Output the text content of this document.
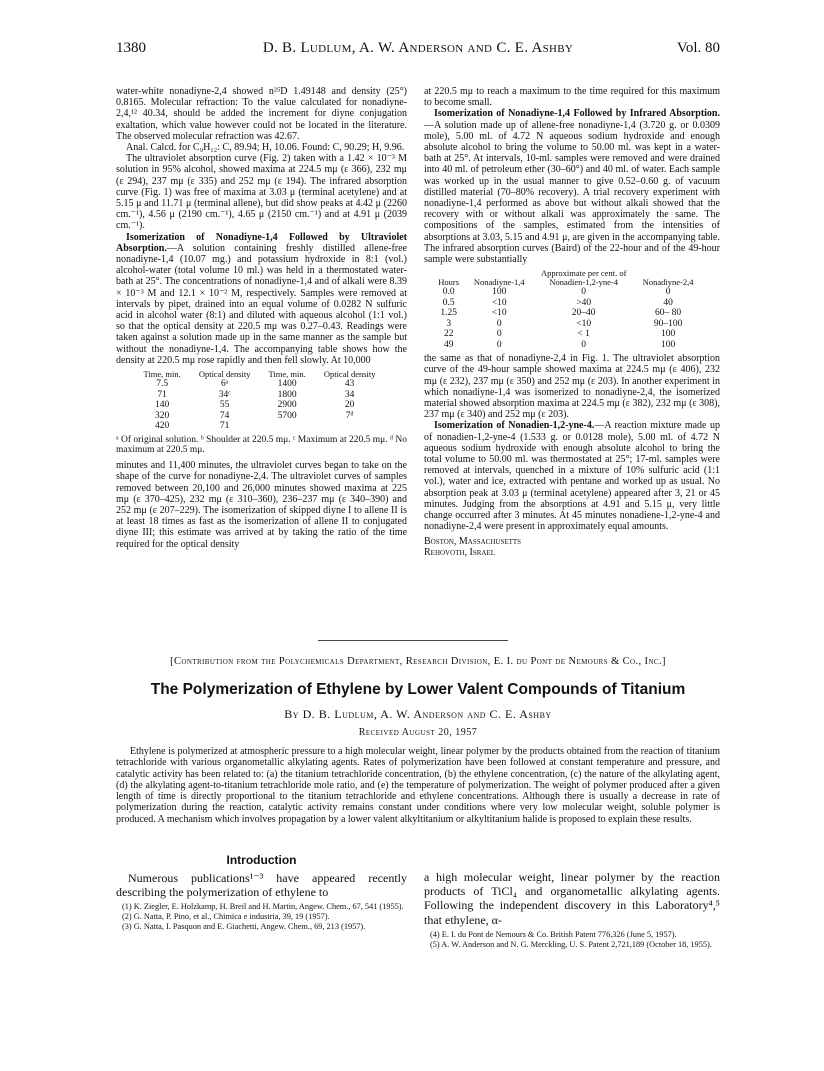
1380	D. B. Ludlum, A. W. Anderson and C. E. Ashby	Vol. 80

water-white nonadiyne-2,4 showed n²⁵D 1.49148 and density (25°) 0.8165. Molecular refraction: To the value calculated for nonadiyne-2,4,¹² 40.34, should be added the increment for diyne conjugation exaltation, which value however could not be located in the literature. The observed molecular refraction was 42.67.

Anal. Calcd. for C₉H₁₂: C, 89.94; H, 10.06. Found: C, 90.29; H, 9.96.

The ultraviolet absorption curve (Fig. 2) taken with a 1.42 × 10⁻³ M solution in 95% alcohol, showed maxima at 224.5 mμ (ε 366), 232 mμ (ε 294), 237 mμ (ε 335) and 252 mμ (ε 194). The infrared absorption curve (Fig. 1) was free of maxima at 3.03 μ (terminal acetylene) and at 5.15 μ and 11.71 μ (terminal allene), but did show peaks at 4.42 μ (2260 cm.⁻¹), 4.56 μ (2190 cm.⁻¹), 4.65 μ (2150 cm.⁻¹) and at 4.91 μ (2039 cm.⁻¹).

Isomerization of Nonadiyne-1,4 Followed by Ultraviolet Absorption.—A solution containing freshly distilled allene-free nonadiyne-1,4 (10.07 mg.) and potassium hydroxide in 8:1 (vol.) alcohol-water (total volume 10 ml.) was held in a thermostated water-bath at 25°. The concentrations of nonadiyne-1,4 and of alkali were 8.39 × 10⁻³ M and 12.1 × 10⁻² M, respectively. Samples were removed at intervals by pipet, drained into an equal volume of 0.0282 N sulfuric acid in alcohol water (8:1) and diluted with aqueous alcohol (1:1 vol.) so that the optical density at 220.5 mμ was 0.27–0.43. Readings were taken against a solution made up in the same manner as the sample but without the nonadiyne-1,4. The accompanying table shows how the density at 220.5 mμ rose rapidly and then fell slowly. At 10,000

Time, min.	Optical density	Time, min.	Optical density
7.5	6ᵃ	1400	43
71	34ᶜ	1800	34
140	55	2900	20
320	74	5700	7ᵈ
420	71		
ᵃ Of original solution. ᵇ Shoulder at 220.5 mμ. ᶜ Maximum at 220.5 mμ. ᵈ No maximum at 220.5 mμ.

minutes and 11,400 minutes, the ultraviolet curves began to take on the shape of the curve for nonadiyne-2,4. The ultraviolet curves of samples removed between 20,100 and 26,000 minutes showed maxima at 225 mμ (ε 370–425), 232 mμ (ε 310–360), 236–237 mμ (ε 340–390) and 252 mμ (ε 207–229). The isomerization of skipped diyne I to allene II is at least 18 times as fast as the isomerization of allene II to conjugated diyne III; this estimate was arrived at by taking the ratio of the time required for the optical density

at 220.5 mμ to reach a maximum to the time required for this maximum to become small.

Isomerization of Nonadiyne-1,4 Followed by Infrared Absorption.—A solution made up of allene-free nonadiyne-1,4 (3.720 g. or 0.0309 mole), 5.00 ml. of 4.72 N aqueous sodium hydroxide and enough absolute alcohol to bring the volume to 50.00 ml. was kept in a water-bath at 25°. At intervals, 10-ml. samples were removed and were drained into 40 ml. of petroleum ether (30–60°) and 40 ml. of water. Each sample was worked up in the usual manner to give 0.52–0.60 g. of vacuum distilled material (70–80% recovery). A trial recovery experiment with nonadiyne-1,4 performed as above but without alkali showed that the recovery with or without alkali was approximately the same. The compositions of the samples, estimated from the intensities of absorptions at 3.03, 5.15 and 4.91 μ, are given in the accompanying table. The infrared absorption curves (Baird) of the 22-hour and of the 49-hour sample were substantially

	Approximate per cent. of		
Hours	Nonadiyne-1,4	Nonadien-1,2-yne-4	Nonadiyne-2,4
0.0	100	0	0
0.5	<10	>40	40
1.25	<10	20–40	60– 80
3	0	<10	90–100
22	0	< 1	100
49	0	0	100

the same as that of nonadiyne-2,4 in Fig. 1. The ultraviolet absorption curve of the 49-hour sample showed maxima at 224.5 mμ (ε 406), 232 mμ (ε 232), 237 mμ (ε 350) and 252 mμ (ε 203). In another experiment in which nonadiyne-1,4 was isomerized to nonadiyne-2,4, the isomerized material showed absorption maxima at 224.5 mμ (ε 382), 232 mμ (ε 308), 237 mμ (ε 340) and 252 mμ (ε 203).

Isomerization of Nonadien-1,2-yne-4.—A reaction mixture made up of nonadien-1,2-yne-4 (1.533 g. or 0.0128 mole), 5.00 ml. of 4.72 N aqueous sodium hydroxide with enough absolute alcohol to bring the total volume to 50.00 ml. was thermostated at 25°; 17-ml. samples were removed at intervals, quenched in a mixture of 10% sulfuric acid (1:1 vol.), water and ice, extracted with pentane and worked up as usual. No absorption peak at 3.03 μ (terminal acetylene) appeared after 3, 21 or 45 minutes. Judging from the absorptions at 4.91 and 5.15 μ, very little change occurred after 3 minutes. At 45 minutes nonadiene-1,2-yne-4 and nonadiyne-2,4 were present in approximately equal amounts.

Boston, Massachusetts
Rehovoth, Israel
[Contribution from the Polychemicals Department, Research Division, E. I. du Pont de Nemours & Co., Inc.]
The Polymerization of Ethylene by Lower Valent Compounds of Titanium
By D. B. Ludlum, A. W. Anderson and C. E. Ashby
Received August 20, 1957
Ethylene is polymerized at atmospheric pressure to a high molecular weight, linear polymer by the products obtained from the reaction of titanium tetrachloride with various organometallic alkylating agents. Rates of polymerization have been followed at constant temperature and pressure, and catalytic activity has been related to: (a) the titanium tetrachloride concentration, (b) the ethylene concentration, (c) the nature of the alkylating agent, (d) the alkylating agent-to-titanium tetrachloride mole ratio, and (e) the temperature of polymerization. The weight of polymer produced after a given length of time is directly proportional to the titanium tetrachloride and ethylene concentrations. Although there is usually a decrease in rate of polymerization during the reaction, catalytic activity remains constant under conditions where very low molecular weight, soluble polymer is produced. A mechanism which involves propagation by a lower valent alkyltitanium or alkyltitanium halide is proposed to explain these results.
Introduction

Numerous publications¹⁻³ have appeared recently describing the polymerization of ethylene to

(1) K. Ziegler, E. Holzkamp, H. Breil and H. Martin, Angew. Chem., 67, 541 (1955).
(2) G. Natta, P. Pino, et al., Chimica e industria, 39, 19 (1957).
(3) G. Natta, I. Pasquon and E. Giachetti, Angew. Chem., 69, 213 (1957).

a high molecular weight, linear polymer by the reaction products of TiCl₄ and organometallic alkylating agents. Following the independent discovery in this Laboratory⁴,⁵ that ethylene, α-

(4) E. I. du Pont de Nemours & Co. British Patent 776,326 (June 5, 1957).
(5) A. W. Anderson and N. G. Merckling, U. S. Patent 2,721,189 (October 18, 1955).
